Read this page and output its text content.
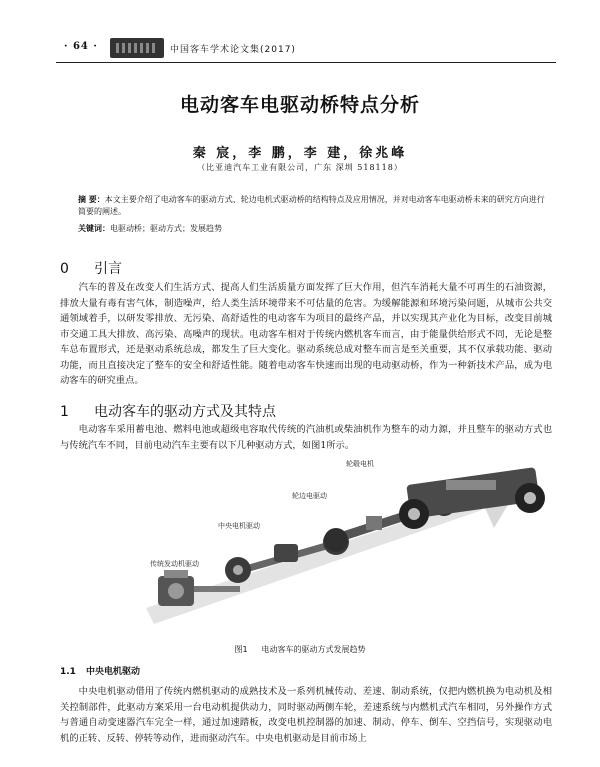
· 64 ·	中国客车学术论文集(2017)
电动客车电驱动桥特点分析
秦 宸，李 鹏，李 建，徐兆峰
（比亚迪汽车工业有限公司，广东 深圳 518118）
摘 要：本文主要介绍了电动客车的驱动方式、轮边电机式驱动桥的结构特点及应用情况，并对电动客车电驱动桥未来的研究方向进行简要的阐述。
关键词：电驱动桥；驱动方式；发展趋势
0 引言
汽车的普及在改变人们生活方式、提高人们生活质量方面发挥了巨大作用，但汽车消耗大量不可再生的石油资源，排放大量有毒有害气体，制造噪声，给人类生活环境带来不可估量的危害。为缓解能源和环境污染问题，从城市公共交通领域着手，以研发零排放、无污染、高舒适性的电动客车为项目的最终产品，并以实现其产业化为目标，改变目前城市交通工具大排放、高污染、高噪声的现状。电动客车相对于传统内燃机客车而言，由于能量供给形式不同，无论是整车总布置形式，还是驱动系统总成，都发生了巨大变化。驱动系统总成对整车而言是至关重要，其不仅承载功能、驱动功能，而且直接决定了整车的安全和舒适性能。随着电动客车快速而出现的电动驱动桥，作为一种新技术产品，成为电动客车的研究重点。
1 电动客车的驱动方式及其特点
电动客车采用蓄电池、燃料电池或超级电容取代传统的汽油机或柴油机作为整车的动力源，并且整车的驱动方式也与传统汽车不同，目前电动汽车主要有以下几种驱动方式，如图1所示。
轮毂电机
轮边电驱动
中央电机驱动
传统发动机驱动
图1 电动客车的驱动方式发展趋势
1.1 中央电机驱动
中央电机驱动借用了传统内燃机驱动的成熟技术及一系列机械传动、差速、制动系统，仅把内燃机换为电动机及相关控制部件，此驱动方案采用一台电动机提供动力，同时驱动两侧车轮，差速系统与内燃机式汽车相同，另外操作方式与普通自动变速器汽车完全一样，通过加速踏板，改变电机控制器的加速、制动、停车、倒车、空挡信号，实现驱动电机的正转、反转、停转等动作，进而驱动汽车。中央电机驱动是目前市场上
